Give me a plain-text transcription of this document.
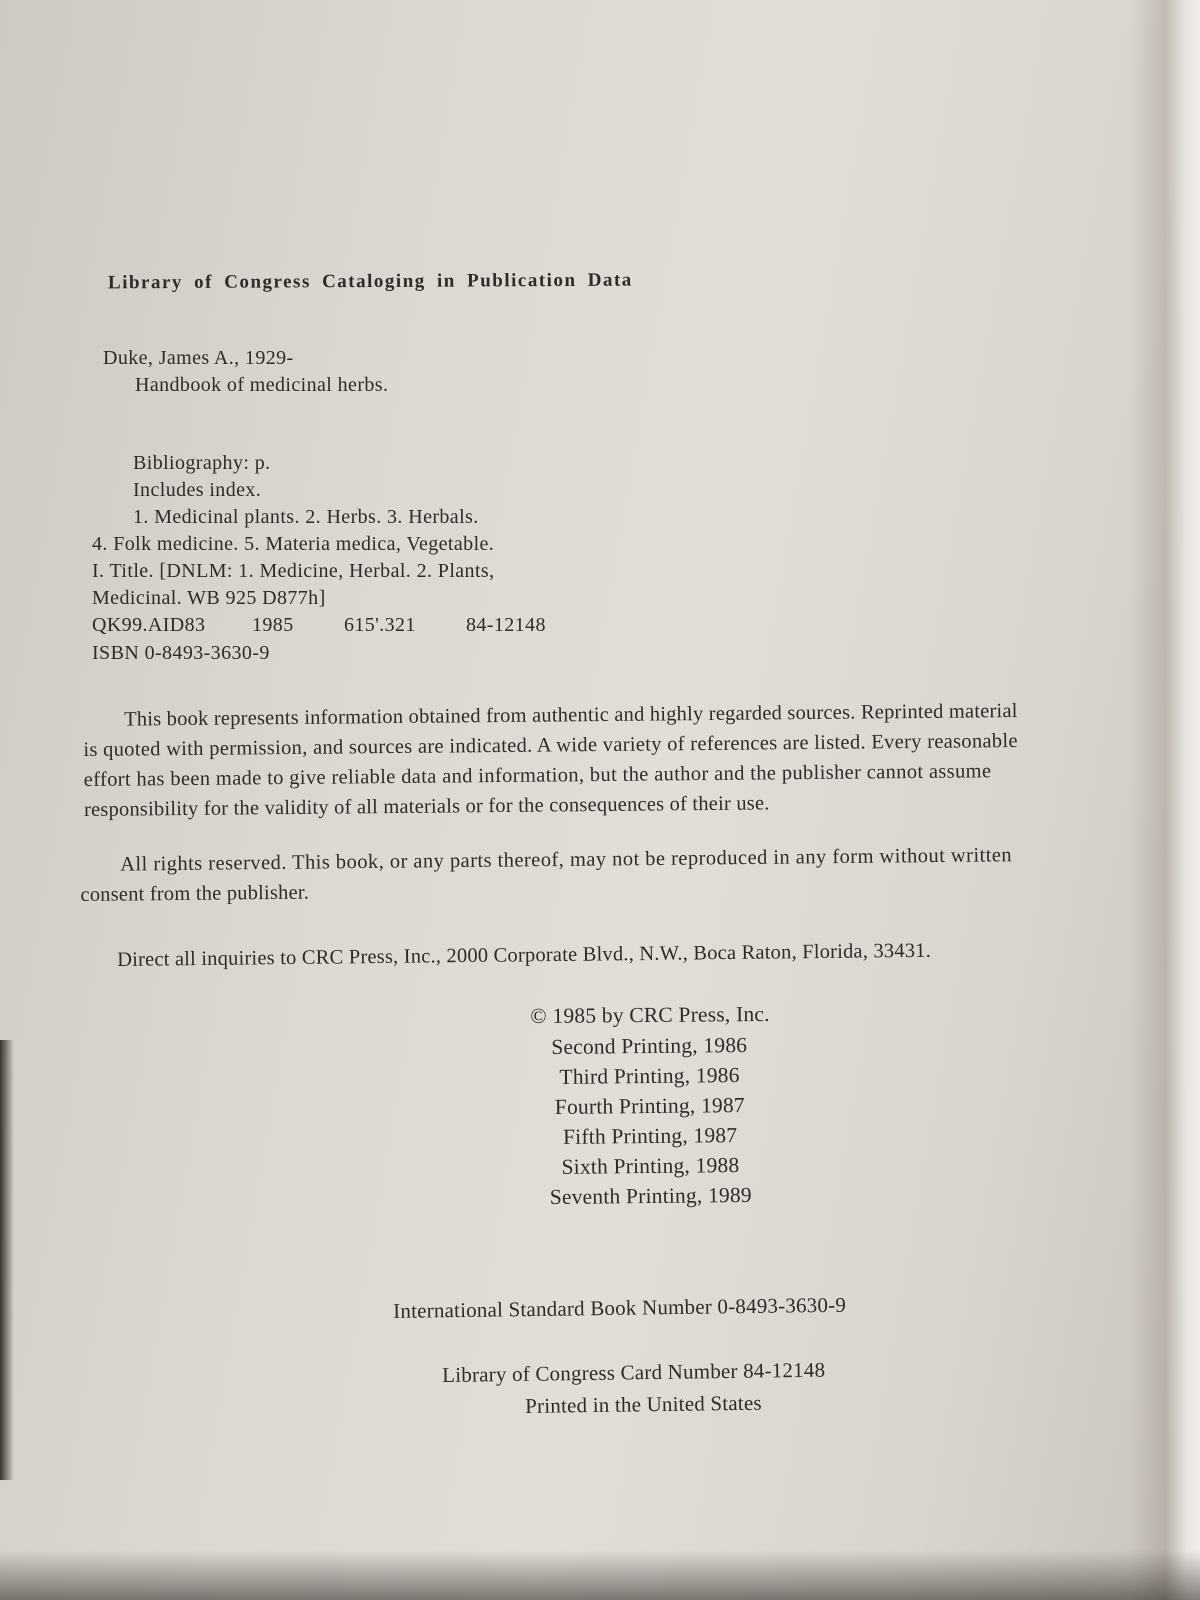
Library of Congress Cataloging in Publication Data
Duke, James A., 1929-
Handbook of medicinal herbs.
Bibliography: p.
Includes index.
1. Medicinal plants. 2. Herbs. 3. Herbals.
4. Folk medicine. 5. Materia medica, Vegetable.
I. Title. [DNLM: 1. Medicine, Herbal. 2. Plants,
Medicinal. WB 925 D877h]
QK99.AID83 1985	615'.321	84-12148
ISBN 0-8493-3630-9
This book represents information obtained from authentic and highly regarded sources. Reprinted material
is quoted with permission, and sources are indicated. A wide variety of references are listed. Every reasonable
effort has been made to give reliable data and information, but the author and the publisher cannot assume
responsibility for the validity of all materials or for the consequences of their use.
All rights reserved. This book, or any parts thereof, may not be reproduced in any form without written
consent from the publisher.
Direct all inquiries to CRC Press, Inc., 2000 Corporate Blvd., N.W., Boca Raton, Florida, 33431.
© 1985 by CRC Press, Inc.
Second Printing, 1986
Third Printing, 1986
Fourth Printing, 1987
Fifth Printing, 1987
Sixth Printing, 1988
Seventh Printing, 1989
International Standard Book Number 0-8493-3630-9
Library of Congress Card Number 84-12148
Printed in the United States
